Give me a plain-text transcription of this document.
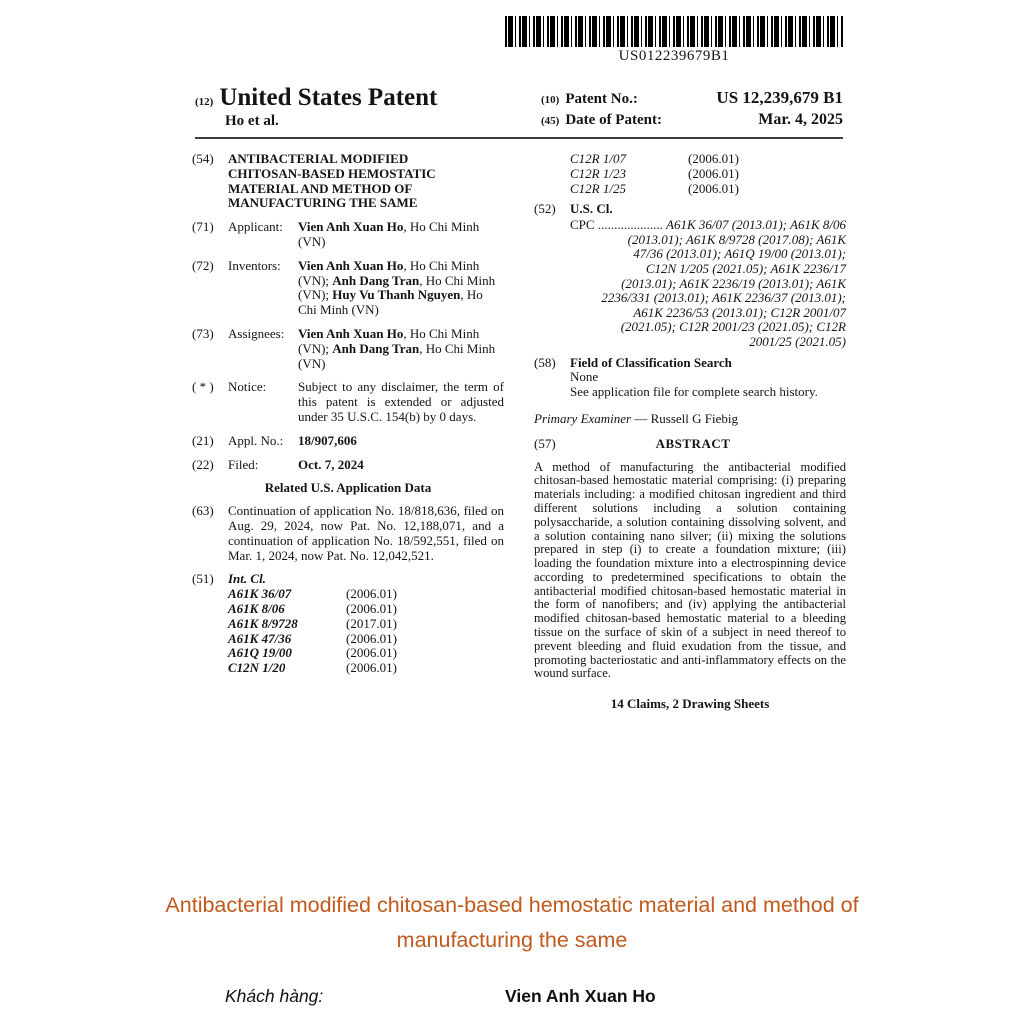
US012239679B1
(12) United States Patent
Ho et al.
(10) Patent No.:	US 12,239,679 B1
(45) Date of Patent:	Mar. 4, 2025
(54)	ANTIBACTERIAL MODIFIED CHITOSAN-BASED HEMOSTATIC MATERIAL AND METHOD OF MANUFACTURING THE SAME
(71)	Applicant:	Vien Anh Xuan Ho, Ho Chi Minh (VN)
(72)	Inventors:	Vien Anh Xuan Ho, Ho Chi Minh (VN); Anh Dang Tran, Ho Chi Minh (VN); Huy Vu Thanh Nguyen, Ho Chi Minh (VN)
(73)	Assignees:	Vien Anh Xuan Ho, Ho Chi Minh (VN); Anh Dang Tran, Ho Chi Minh (VN)
( * )	Notice:	Subject to any disclaimer, the term of this patent is extended or adjusted under 35 U.S.C. 154(b) by 0 days.
(21)	Appl. No.:	18/907,606
(22)	Filed:	Oct. 7, 2024
Related U.S. Application Data
(63)	Continuation of application No. 18/818,636, filed on Aug. 29, 2024, now Pat. No. 12,188,071, and a continuation of application No. 18/592,551, filed on Mar. 1, 2024, now Pat. No. 12,042,521.
(51)	Int. Cl.
A61K 36/07	(2006.01)
A61K 8/06	(2006.01)
A61K 8/9728	(2017.01)
A61K 47/36	(2006.01)
A61Q 19/00	(2006.01)
C12N 1/20	(2006.01)
C12R 1/07	(2006.01)
C12R 1/23	(2006.01)
C12R 1/25	(2006.01)
(52)	U.S. Cl.
CPC .................... A61K 36/07 (2013.01); A61K 8/06
(2013.01); A61K 8/9728 (2017.08); A61K
47/36 (2013.01); A61Q 19/00 (2013.01);
C12N 1/205 (2021.05); A61K 2236/17
(2013.01); A61K 2236/19 (2013.01); A61K
2236/331 (2013.01); A61K 2236/37 (2013.01);
A61K 2236/53 (2013.01); C12R 2001/07
(2021.05); C12R 2001/23 (2021.05); C12R
2001/25 (2021.05)
(58)	Field of Classification Search
None
See application file for complete search history.
Primary Examiner — Russell G Fiebig
(57)	ABSTRACT
A method of manufacturing the antibacterial modified chitosan-based hemostatic material comprising: (i) preparing materials including: a modified chitosan ingredient and third different solutions including a solution containing polysaccharide, a solution containing dissolving solvent, and a solution containing nano silver; (ii) mixing the solutions prepared in step (i) to create a foundation mixture; (iii) loading the foundation mixture into a electrospinning device according to predetermined specifications to obtain the antibacterial modified chitosan-based hemostatic material in the form of nanofibers; and (iv) applying the antibacterial modified chitosan-based hemostatic material to a bleeding tissue on the surface of skin of a subject in need thereof to prevent bleeding and fluid exudation from the tissue, and promoting bacteriostatic and anti-inflammatory effects on the wound surface.
14 Claims, 2 Drawing Sheets
Antibacterial modified chitosan-based hemostatic material and method of manufacturing the same
Khách hàng:	Vien Anh Xuan Ho
